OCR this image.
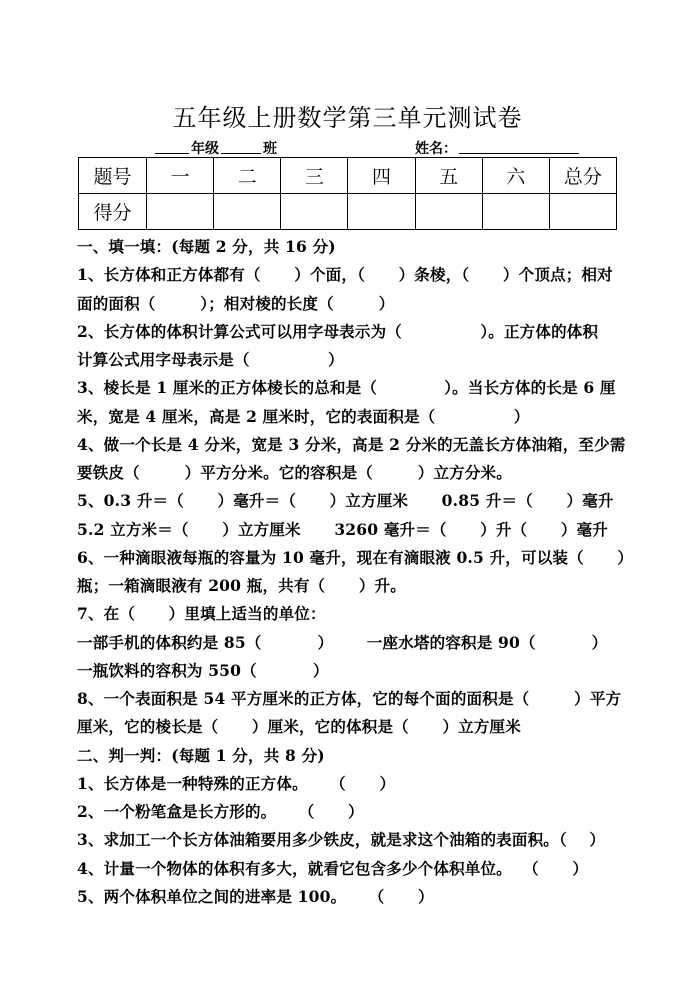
五年级上册数学第三单元测试卷
年级	班	姓名：
题号	一	二	三	四	五	六	总分
得分							
一、填一填：(每题 2 分，共 16 分)
1、长方体和正方体都有（      ）个面，（      ）条棱，（      ）个顶点；相对
面的面积（        ）；相对棱的长度（        ）
2、长方体的体积计算公式可以用字母表示为（              ）。正方体的体积
计算公式用字母表示是（              ）
3、棱长是 1 厘米的正方体棱长的总和是（            ）。当长方体的长是 6 厘
米，宽是 4 厘米，高是 2 厘米时，它的表面积是（              ）
4、做一个长是 4 分米，宽是 3 分米，高是 2 分米的无盖长方体油箱，至少需
要铁皮（        ）平方分米。它的容积是（        ）立方分米。
5、0.3 升＝（      ）毫升＝（      ）立方厘米      0.85 升＝（      ）毫升
5.2 立方米＝（      ）立方厘米      3260 毫升＝（      ）升（      ）毫升
6、一种滴眼液每瓶的容量为 10 毫升，现在有滴眼液 0.5 升，可以装（      ）
瓶；一箱滴眼液有 200 瓶，共有（      ）升。
7、在（      ）里填上适当的单位：
一部手机的体积约是 85（          ）      一座水塔的容积是 90（          ）
一瓶饮料的容积为 550（          ）
8、一个表面积是 54 平方厘米的正方体，它的每个面的面积是（        ）平方
厘米，它的棱长是（      ）厘米，它的体积是（      ）立方厘米
二、判一判：(每题 1 分，共 8 分)
1、长方体是一种特殊的正方体。    （      ）
2、一个粉笔盒是长方形的。    （      ）
3、求加工一个长方体油箱要用多少铁皮，就是求这个油箱的表面积。（    ）
4、计量一个物体的体积有多大，就看它包含多少个体积单位。  （      ）
5、两个体积单位之间的进率是 100。    （      ）
